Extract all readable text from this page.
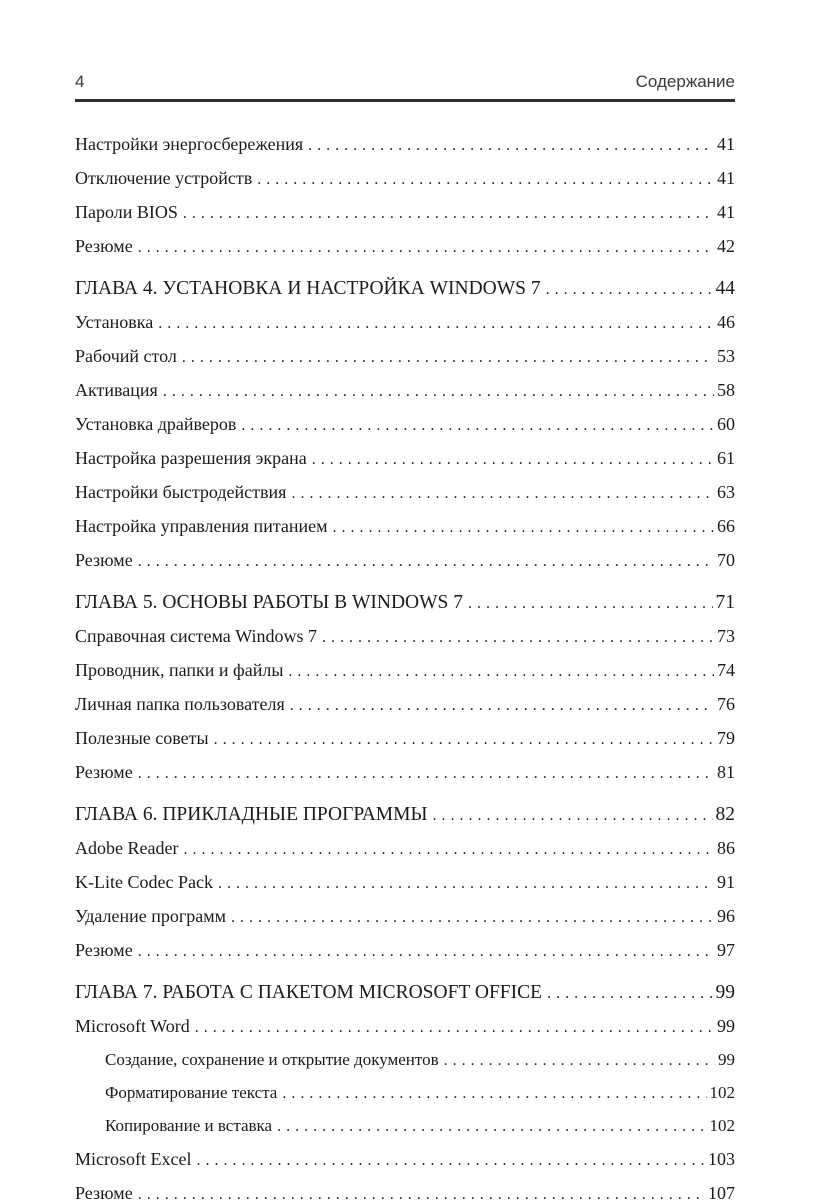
4	Содержание
Настройки энергосбережения .....	41
Отключение устройств .....	41
Пароли BIOS .....	41
Резюме .....	42
ГЛАВА 4. УСТАНОВКА И НАСТРОЙКА WINDOWS 7 .....	44
Установка .....	46
Рабочий стол .....	53
Активация .....	58
Установка драйверов .....	60
Настройка разрешения экрана .....	61
Настройки быстродействия .....	63
Настройка управления питанием .....	66
Резюме .....	70
ГЛАВА 5. ОСНОВЫ РАБОТЫ В WINDOWS 7 .....	71
Справочная система Windows 7 .....	73
Проводник, папки и файлы .....	74
Личная папка пользователя .....	76
Полезные советы .....	79
Резюме .....	81
ГЛАВА 6. ПРИКЛАДНЫЕ ПРОГРАММЫ .....	82
Adobe Reader .....	86
K-Lite Codec Pack .....	91
Удаление программ .....	96
Резюме .....	97
ГЛАВА 7. РАБОТА С ПАКЕТОМ MICROSOFT OFFICE .....	99
Microsoft Word .....	99
Создание, сохранение и открытие документов .....	99
Форматирование текста .....	102
Копирование и вставка .....	102
Microsoft Excel .....	103
Резюме .....	107
